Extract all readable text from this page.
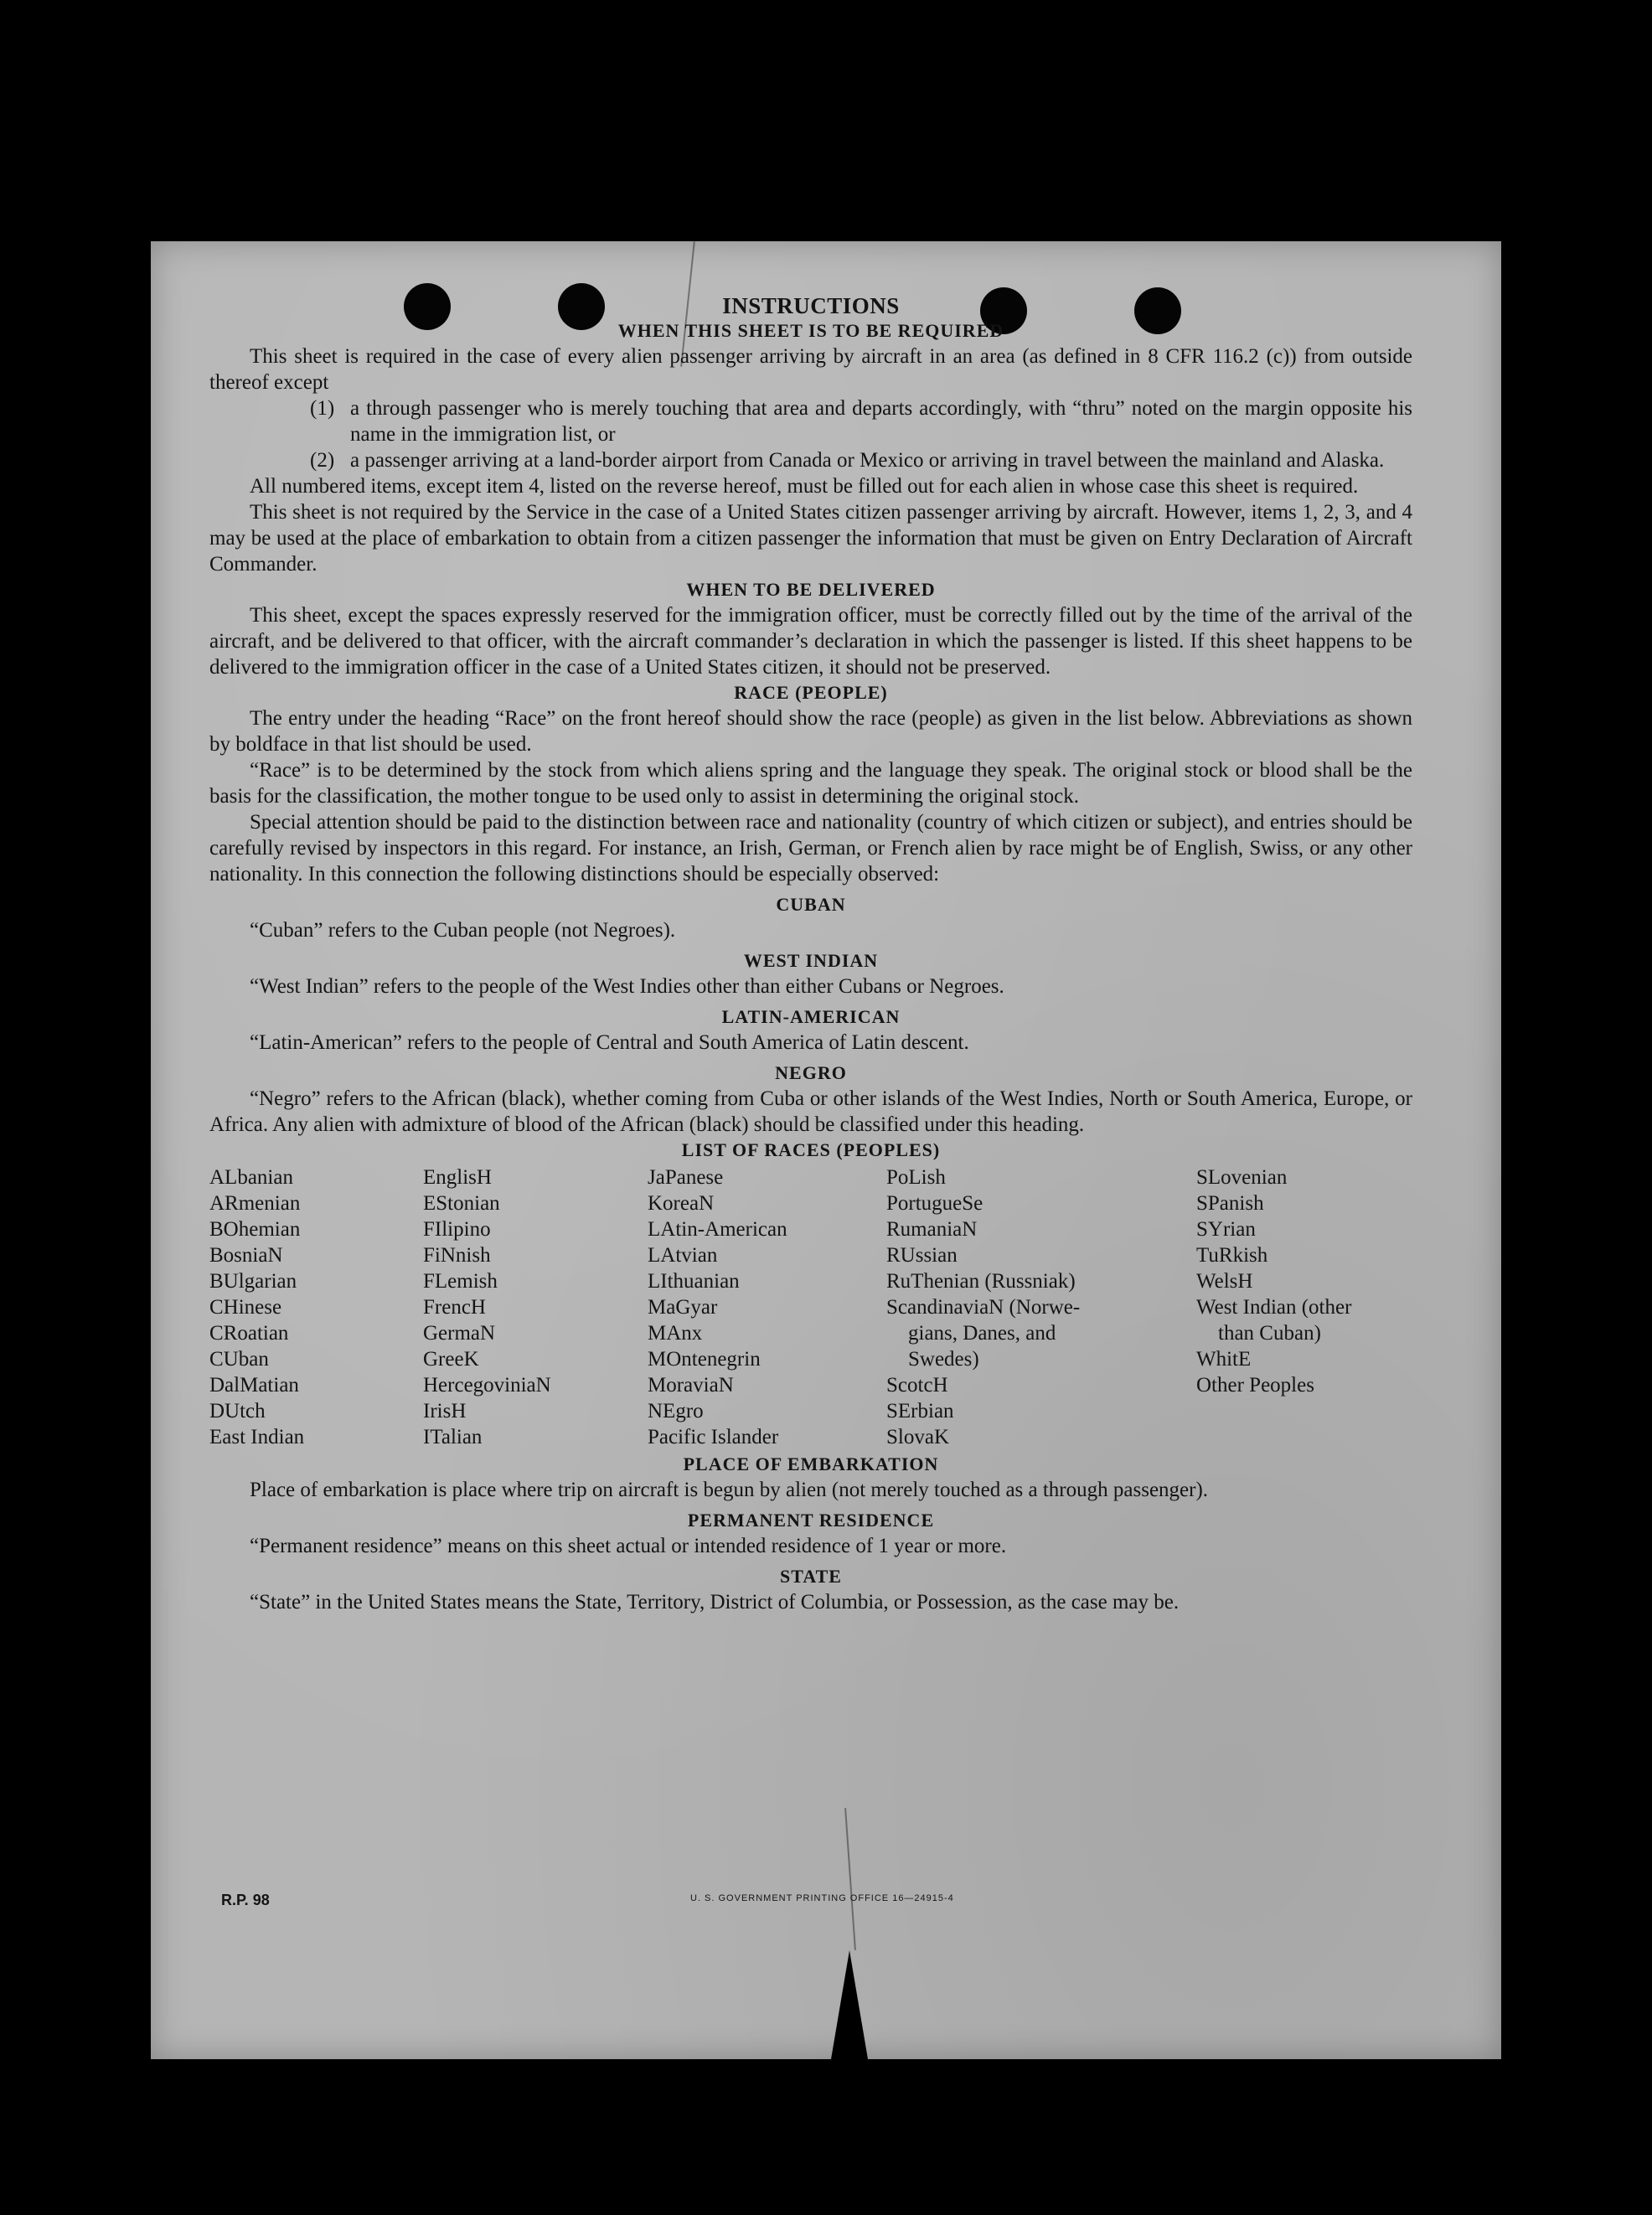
INSTRUCTIONS
WHEN THIS SHEET IS TO BE REQUIRED

This sheet is required in the case of every alien passenger arriving by aircraft in an area (as defined in 8 CFR 116.2 (c)) from outside thereof except

(1) a through passenger who is merely touching that area and departs accordingly, with “thru” noted on the margin opposite his name in the immigration list, or

(2) a passenger arriving at a land-border airport from Canada or Mexico or arriving in travel between the mainland and Alaska.

All numbered items, except item 4, listed on the reverse hereof, must be filled out for each alien in whose case this sheet is required.

This sheet is not required by the Service in the case of a United States citizen passenger arriving by aircraft. However, items 1, 2, 3, and 4 may be used at the place of embarkation to obtain from a citizen passenger the information that must be given on Entry Declaration of Aircraft Commander.

WHEN TO BE DELIVERED

This sheet, except the spaces expressly reserved for the immigration officer, must be correctly filled out by the time of the arrival of the aircraft, and be delivered to that officer, with the aircraft commander’s declaration in which the passenger is listed. If this sheet happens to be delivered to the immigration officer in the case of a United States citizen, it should not be preserved.

RACE (PEOPLE)

The entry under the heading “Race” on the front hereof should show the race (people) as given in the list below. Abbreviations as shown by boldface in that list should be used.

“Race” is to be determined by the stock from which aliens spring and the language they speak. The original stock or blood shall be the basis for the classification, the mother tongue to be used only to assist in determining the original stock.

Special attention should be paid to the distinction between race and nationality (country of which citizen or subject), and entries should be carefully revised by inspectors in this regard. For instance, an Irish, German, or French alien by race might be of English, Swiss, or any other nationality. In this connection the following distinctions should be especially observed:

CUBAN

“Cuban” refers to the Cuban people (not Negroes).

WEST INDIAN

“West Indian” refers to the people of the West Indies other than either Cubans or Negroes.

LATIN-AMERICAN

“Latin-American” refers to the people of Central and South America of Latin descent.

NEGRO

“Negro” refers to the African (black), whether coming from Cuba or other islands of the West Indies, North or South America, Europe, or Africa. Any alien with admixture of blood of the African (black) should be classified under this heading.

LIST OF RACES (PEOPLES)
ALbanian
ARmenian
BOhemian
BosniaN
BUlgarian
CHinese
CRoatian
CUban
DalMatian
DUtch
East Indian
EnglisH
EStonian
FIlipino
FiNnish
FLemish
FrencH
GermaN
GreeK
HercegoviniaN
IrisH
ITalian
JaPanese
KoreaN
LAtin-American
LAtvian
LIthuanian
MaGyar
MAnx
MOntenegrin
MoraviaN
NEgro
Pacific Islander
PoLish
PortugueSe
RumaniaN
RUssian
RuThenian (Russniak)
ScandinaviaN (Norwe-
gians, Danes, and
Swedes)
ScotcH
SErbian
SlovaK
SLovenian
SPanish
SYrian
TuRkish
WelsH
West Indian (other
than Cuban)
WhitE
Other Peoples
PLACE OF EMBARKATION

Place of embarkation is place where trip on aircraft is begun by alien (not merely touched as a through passenger).

PERMANENT RESIDENCE

“Permanent residence” means on this sheet actual or intended residence of 1 year or more.

STATE

“State” in the United States means the State, Territory, District of Columbia, or Possession, as the case may be.

R.P. 98	U. S. GOVERNMENT PRINTING OFFICE 16—24915-4
